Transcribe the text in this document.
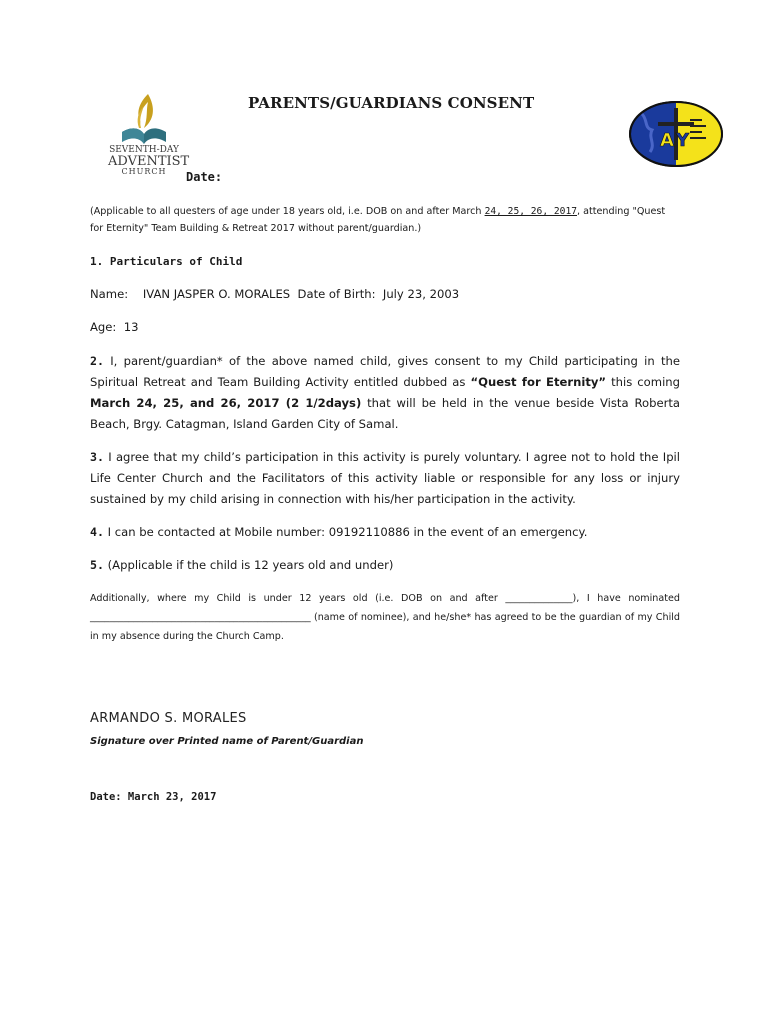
SEVENTH-DAY
ADVENTIST
CHURCH
PARENTS/GUARDIANS CONSENT
A Y
Date:
(Applicable to all questers of age under 18 years old, i.e. DOB on and after March 24, 25, 26, 2017, attending "Quest for Eternity" Team Building & Retreat 2017 without parent/guardian.)
1. Particulars of Child
Name: IVAN JASPER O. MORALES Date of Birth: July 23, 2003
Age: 13
2. I, parent/guardian* of the above named child, gives consent to my Child participating in the Spiritual Retreat and Team Building Activity entitled dubbed as “Quest for Eternity” this coming March 24, 25, and 26, 2017 (2 1/2days) that will be held in the venue beside Vista Roberta Beach, Brgy. Catagman, Island Garden City of Samal.
3. I agree that my child’s participation in this activity is purely voluntary. I agree not to hold the Ipil Life Center Church and the Facilitators of this activity liable or responsible for any loss or injury sustained by my child arising in connection with his/her participation in the activity.
4. I can be contacted at Mobile number: 09192110886 in the event of an emergency.
5. (Applicable if the child is 12 years old and under)
Additionally, where my Child is under 12 years old (i.e. DOB on and after ______________), I have nominated ______________________________________________ (name of nominee), and he/she* has agreed to be the guardian of my Child in my absence during the Church Camp.
ARMANDO S. MORALES
Signature over Printed name of Parent/Guardian
Date: March 23, 2017
